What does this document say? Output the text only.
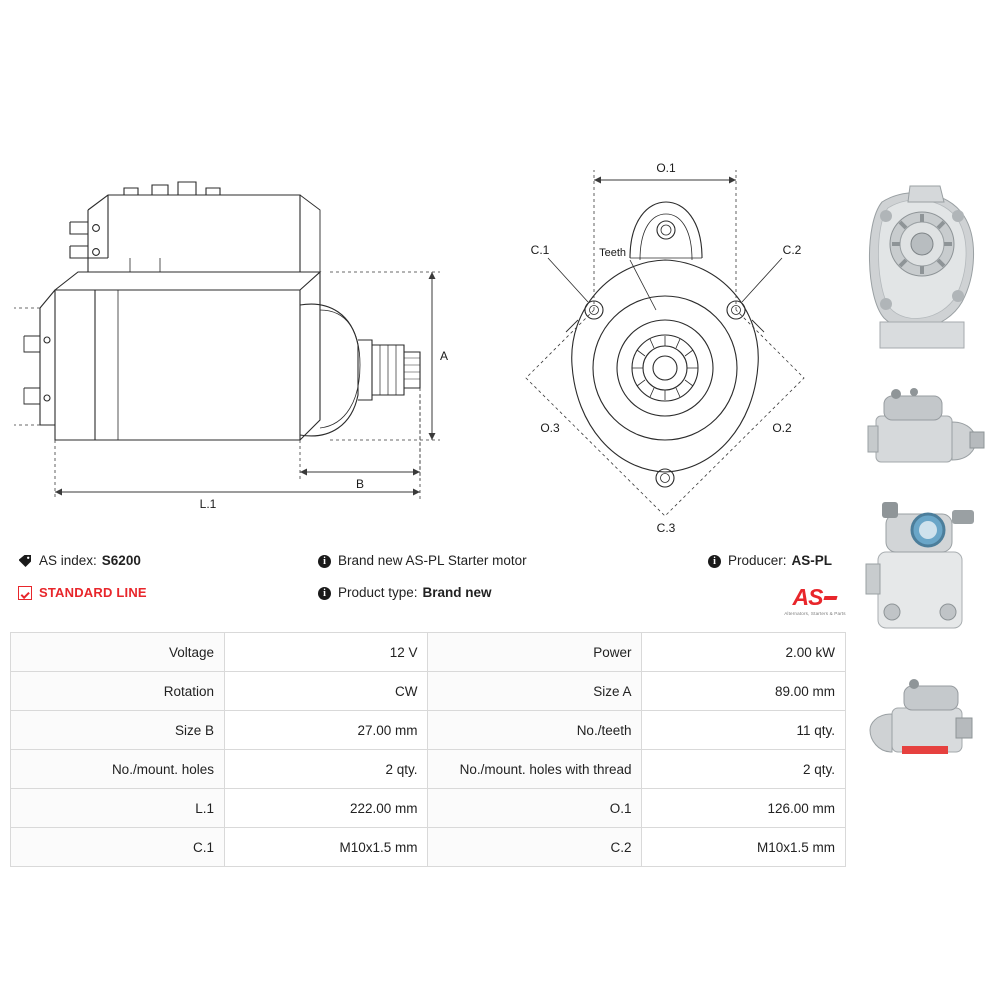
L.1
B
A
O.1
C.1	C.2
C.3
O.3	O.2
Teeth
AS index: S6200
STANDARD LINE
i Brand new AS-PL Starter motor
i Product type: Brand new
i Producer: AS-PL
AS
Alternators, Starters & Parts
Voltage	12 V	Power	2.00 kW
Rotation	CW	Size A	89.00 mm
Size B	27.00 mm	No./teeth	11 qty.
No./mount. holes	2 qty.	No./mount. holes with thread	2 qty.
L.1	222.00 mm	O.1	126.00 mm
C.1	M10x1.5 mm	C.2	M10x1.5 mm
